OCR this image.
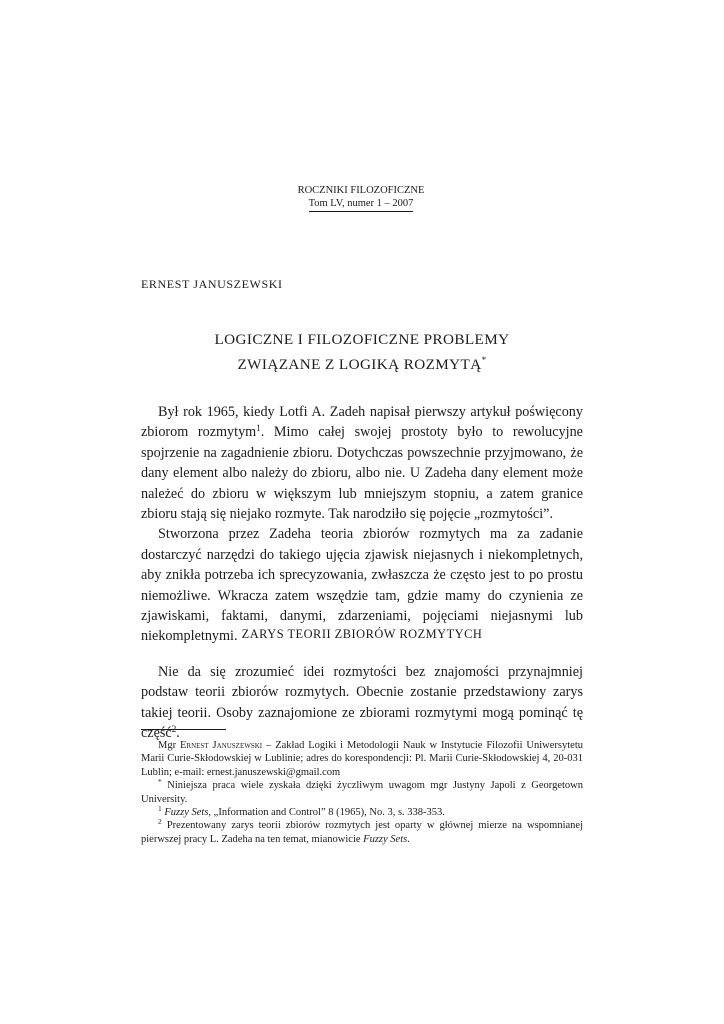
ROCZNIKI FILOZOFICZNE
Tom LV, numer 1 – 2007
ERNEST JANUSZEWSKI
LOGICZNE I FILOZOFICZNE PROBLEMY
ZWIĄZANE Z LOGIKĄ ROZMYTĄ*

Był rok 1965, kiedy Lotfi A. Zadeh napisał pierwszy artykuł poświęcony zbiorom rozmytym$^1$. Mimo całej swojej prostoty było to rewolucyjne spojrzenie na zagadnienie zbioru. Dotychczas powszechnie przyjmowano, że dany element albo należy do zbioru, albo nie. U Zadeha dany element może należeć do zbioru w większym lub mniejszym stopniu, a zatem granice zbioru stają się niejako rozmyte. Tak narodziło się pojęcie „rozmytości”.

Stworzona przez Zadeha teoria zbiorów rozmytych ma za zadanie dostarczyć narzędzi do takiego ujęcia zjawisk niejasnych i niekompletnych, aby znikła potrzeba ich sprecyzowania, zwłaszcza że często jest to po prostu niemożliwe. Wkracza zatem wszędzie tam, gdzie mamy do czynienia ze zjawiskami, faktami, danymi, zdarzeniami, pojęciami niejasnymi lub niekompletnymi. ZARYS TEORII ZBIORÓW ROZMYTYCH

Nie da się zrozumieć idei rozmytości bez znajomości przynajmniej podstaw teorii zbiorów rozmytych. Obecnie zostanie przedstawiony zarys takiej teorii. Osoby zaznajomione ze zbiorami rozmytymi mogą pominąć tę część$^2$.

Mgr Ernest Januszewski – Zakład Logiki i Metodologii Nauk w Instytucie Filozofii Uniwersytetu Marii Curie-Skłodowskiej w Lublinie; adres do korespondencji: Pl. Marii Curie-Skłodowskiej 4, 20-031 Lublin; e-mail: ernest.januszewski@gmail.com

* Niniejsza praca wiele zyskała dzięki życzliwym uwagom mgr Justyny Japoli z Georgetown University.

$^1$ Fuzzy Sets, „Information and Control” 8 (1965), No. 3, s. 338-353.

$^2$ Prezentowany zarys teorii zbiorów rozmytych jest oparty w głównej mierze na wspomnianej pierwszej pracy L. Zadeha na ten temat, mianowicie Fuzzy Sets.
